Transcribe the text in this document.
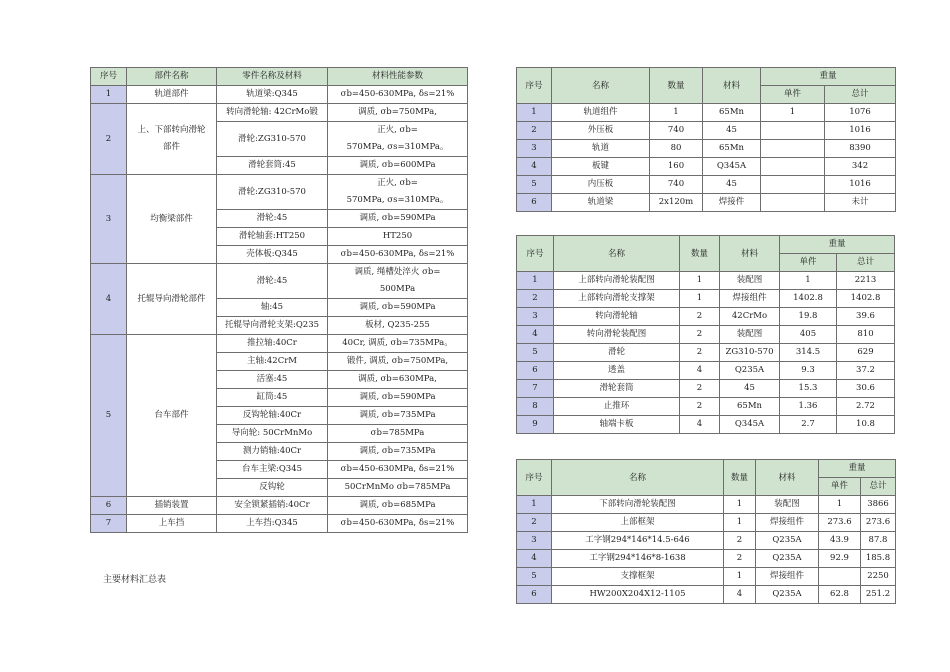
序号	部件名称	零件名称及材料	材料性能参数
1	轨道部件	轨道梁:Q345	σb=450-630MPa, δs=21%
2	上、下部转向滑轮部件	转向滑轮轴: 42CrMo锻	调质, σb=750MPa,
		滑轮:ZG310-570	正火, σb=
570MPa, σs=310MPa。
		滑轮套筒:45	调质, σb=600MPa
3	均衡梁部件	滑轮:ZG310-570	正火, σb=
570MPa, σs=310MPa。
		滑轮:45	调质, σb=590MPa
		滑轮轴套:HT250	HT250
		壳体板:Q345	σb=450-630MPa, δs=21%
4	托辊导向滑轮部件	滑轮:45	调质, 绳槽处淬火 σb=
500MPa
		轴:45	调质, σb=590MPa
		托辊导向滑轮支架:Q235	板材, Q235-255
5	台车部件	推拉轴:40Cr	40Cr, 调质, σb=735MPa。
		主轴:42CrM	锻件, 调质, σb=750MPa,
		活塞:45	调质, σb=630MPa,
		缸筒:45	调质, σb=590MPa
		反钩轮轴:40Cr	调质, σb=735MPa
		导向轮: 50CrMnMo	σb=785MPa
		测力销轴:40Cr	调质, σb=735MPa
		台车主梁:Q345	σb=450-630MPa, δs=21%
		反钩轮	50CrMnMo σb=785MPa
6	插销装置	安全锁紧插销:40Cr	调质, σb=685MPa
7	上车挡	上车挡:Q345	σb=450-630MPa, δs=21%
主要材料汇总表
序号	名称	数量	材料	重量	
				单件	总计
1	轨道组件	1	65Mn	1	1076
2	外压板	740	45		1016
3	轨道	80	65Mn		8390
4	板键	160	Q345A		342
5	内压板	740	45		1016
6	轨道梁	2x120m	焊接件		未计
序号	名称	数量	材料	重量	
				单件	总计
1	上部转向滑轮装配图	1	装配图	1	2213
2	上部转向滑轮支撑架	1	焊接组件	1402.8	1402.8
3	转向滑轮轴	2	42CrMo	19.8	39.6
4	转向滑轮装配图	2	装配图	405	810
5	滑轮	2	ZG310-570	314.5	629
6	透盖	4	Q235A	9.3	37.2
7	滑轮套筒	2	45	15.3	30.6
8	止推环	2	65Mn	1.36	2.72
9	轴端卡板	4	Q345A	2.7	10.8
序号	名称	数量	材料	重量	
				单件	总计
1	下部转向滑轮装配图	1	装配图	1	3866
2	上部框架	1	焊接组件	273.6	273.6
3	工字钢294*146*14.5-646	2	Q235A	43.9	87.8
4	工字钢294*146*8-1638	2	Q235A	92.9	185.8
5	支撑框架	1	焊接组件		2250
6	HW200X204X12-1105	4	Q235A	62.8	251.2
